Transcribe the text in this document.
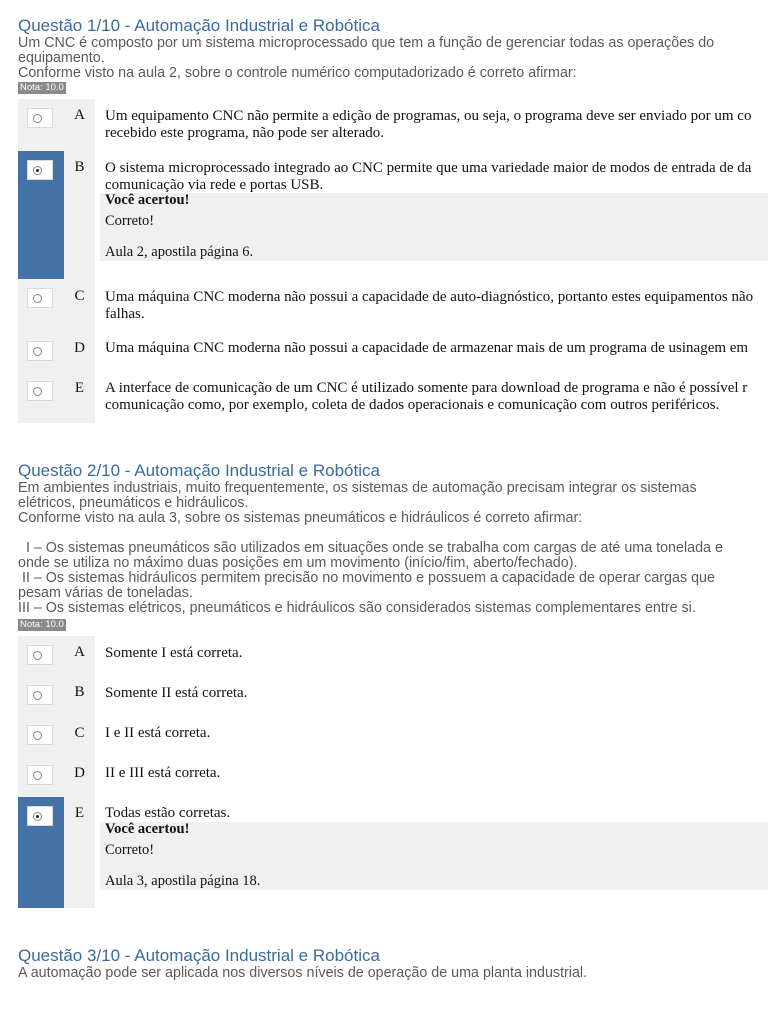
Questão 1/10 - Automação Industrial e Robótica
Um CNC é composto por um sistema microprocessado que tem a função de gerenciar todas as operações do
equipamento.
Conforme visto na aula 2, sobre o controle numérico computadorizado é correto afirmar:
Nota: 10.0
A	Um equipamento CNC não permite a edição de programas, ou seja, o programa deve ser enviado por um co
recebido este programa, não pode ser alterado.
B	O sistema microprocessado integrado ao CNC permite que uma variedade maior de modos de entrada de da
comunicação via rede e portas USB.
Você acertou!
Correto!
Aula 2, apostila página 6.
C	Uma máquina CNC moderna não possui a capacidade de auto-diagnóstico, portanto estes equipamentos não
falhas.
D	Uma máquina CNC moderna não possui a capacidade de armazenar mais de um programa de usinagem em
E	A interface de comunicação de um CNC é utilizado somente para download de programa e não é possível r
comunicação como, por exemplo, coleta de dados operacionais e comunicação com outros periféricos.
Questão 2/10 - Automação Industrial e Robótica
Em ambientes industriais, muito frequentemente, os sistemas de automação precisam integrar os sistemas
elétricos, pneumáticos e hidráulicos.
Conforme visto na aula 3, sobre os sistemas pneumáticos e hidráulicos é correto afirmar:
I – Os sistemas pneumáticos são utilizados em situações onde se trabalha com cargas de até uma tonelada e
onde se utiliza no máximo duas posições em um movimento (início/fim, aberto/fechado).
II – Os sistemas hidráulicos permitem precisão no movimento e possuem a capacidade de operar cargas que
pesam várias de toneladas.
III – Os sistemas elétricos, pneumáticos e hidráulicos são considerados sistemas complementares entre si.
Nota: 10.0
A	Somente I está correta.
B	Somente II está correta.
C	I e II está correta.
D	II e III está correta.
E	Todas estão corretas.
Você acertou!
Correto!
Aula 3, apostila página 18.
Questão 3/10 - Automação Industrial e Robótica
A automação pode ser aplicada nos diversos níveis de operação de uma planta industrial.
